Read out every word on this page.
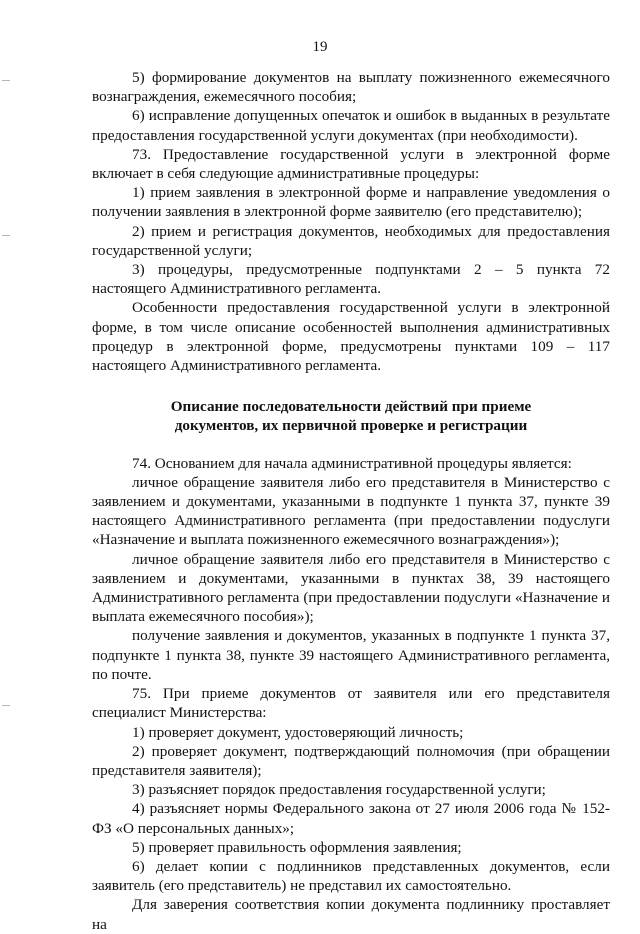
19

5) формирование документов на выплату пожизненного ежемесячного вознаграждения, ежемесячного пособия;

6) исправление допущенных опечаток и ошибок в выданных в результате предоставления государственной услуги документах (при необходимости).

73. Предоставление государственной услуги в электронной форме включает в себя следующие административные процедуры:

1) прием заявления в электронной форме и направление уведомления о получении заявления в электронной форме заявителю (его представителю);

2) прием и регистрация документов, необходимых для предоставления государственной услуги;

3) процедуры, предусмотренные подпунктами 2 – 5 пункта 72 настоящего Административного регламента.

Особенности предоставления государственной услуги в электронной форме, в том числе описание особенностей выполнения административных процедур в электронной форме, предусмотрены пунктами 109 – 117 настоящего Административного регламента.

Описание последовательности действий при приеме
документов, их первичной проверке и регистрации

74. Основанием для начала административной процедуры является:

личное обращение заявителя либо его представителя в Министерство с заявлением и документами, указанными в подпункте 1 пункта 37, пункте 39 настоящего Административного регламента (при предоставлении подуслуги «Назначение и выплата пожизненного ежемесячного вознаграждения»);

личное обращение заявителя либо его представителя в Министерство с заявлением и документами, указанными в пунктах 38, 39 настоящего Административного регламента (при предоставлении подуслуги «Назначение и выплата ежемесячного пособия»);

получение заявления и документов, указанных в подпункте 1 пункта 37, подпункте 1 пункта 38, пункте 39 настоящего Административного регламента, по почте.

75. При приеме документов от заявителя или его представителя специалист Министерства:

1) проверяет документ, удостоверяющий личность;

2) проверяет документ, подтверждающий полномочия (при обращении представителя заявителя);

3) разъясняет порядок предоставления государственной услуги;

4) разъясняет нормы Федерального закона от 27 июля 2006 года № 152-ФЗ «О персональных данных»;

5) проверяет правильность оформления заявления;

6) делает копии с подлинников представленных документов, если заявитель (его представитель) не представил их самостоятельно.

Для заверения соответствия копии документа подлиннику проставляет на
